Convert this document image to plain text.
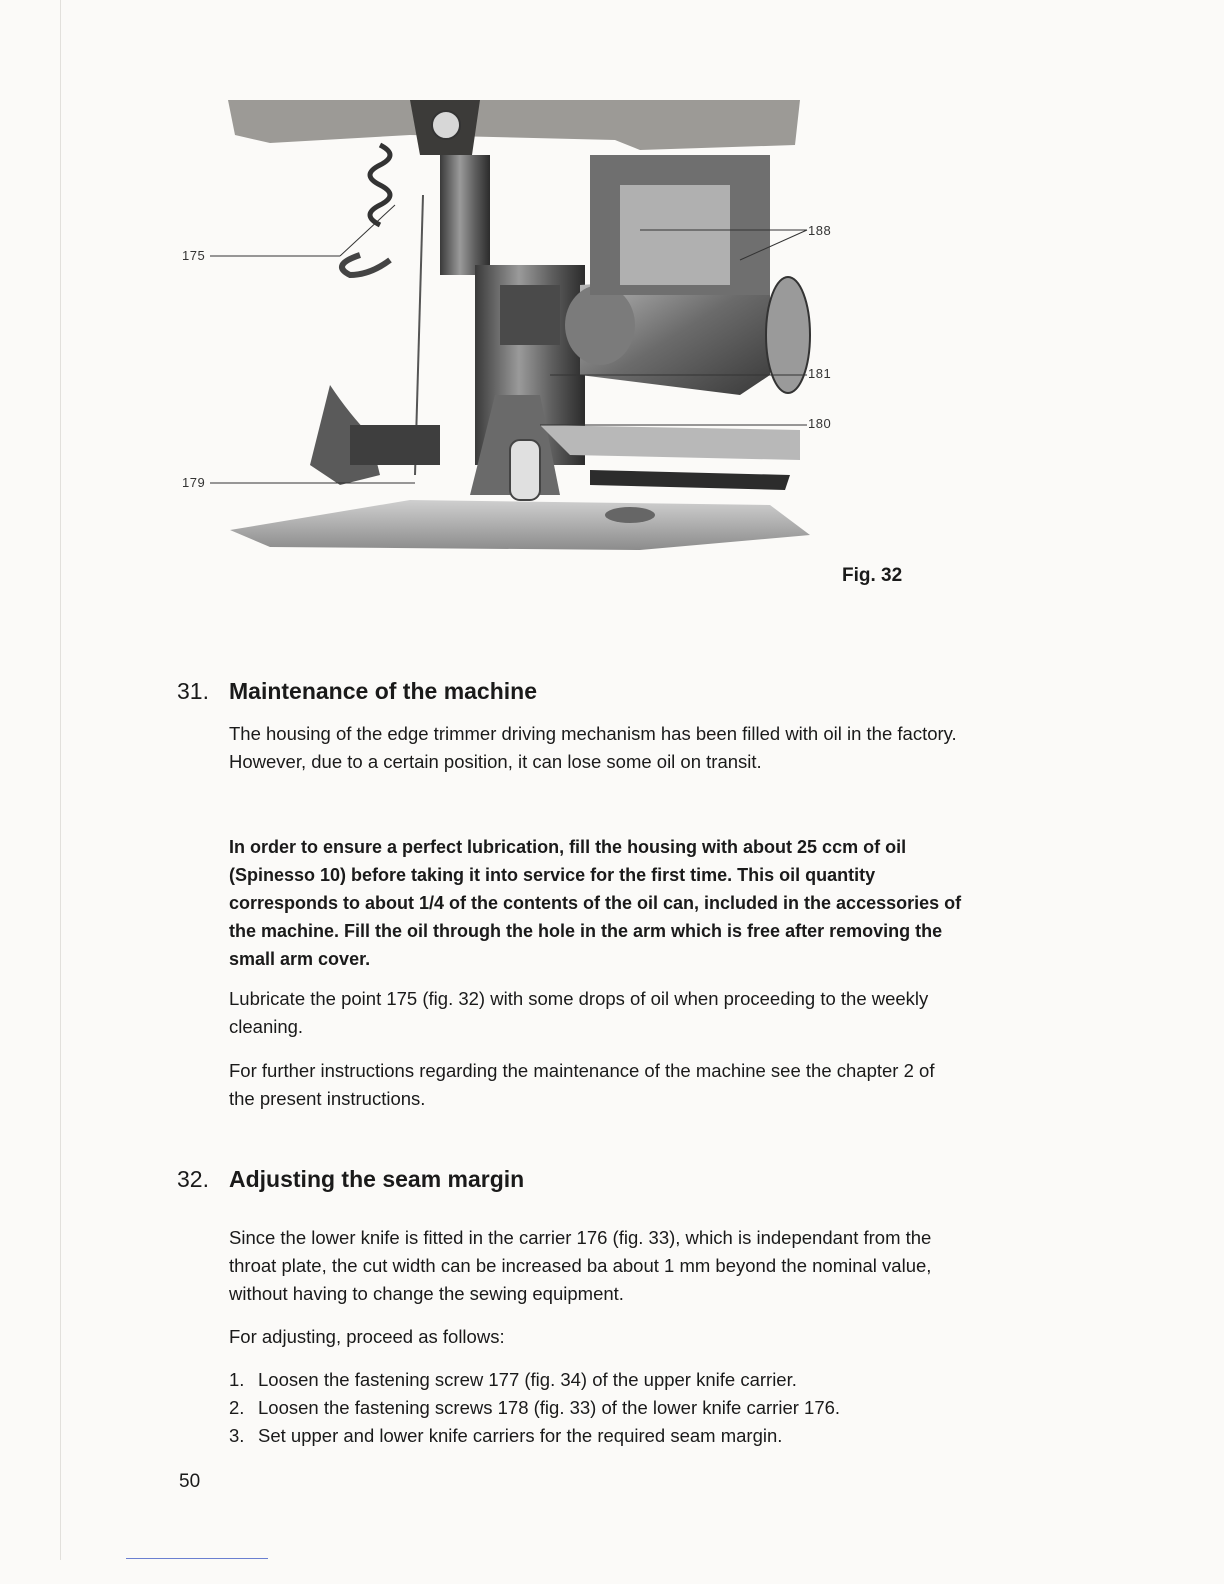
175
188
181
180
179
Fig. 32
31. Maintenance of the machine

The housing of the edge trimmer driving mechanism has been filled with oil in the factory. However, due to a certain position, it can lose some oil on transit.

In order to ensure a perfect lubrication, fill the housing with about 25 ccm of oil (Spinesso 10) before taking it into service for the first time. This oil quantity corresponds to about 1/4 of the contents of the oil can, included in the accessories of the machine. Fill the oil through the hole in the arm which is free after removing the small arm cover.

Lubricate the point 175 (fig. 32) with some drops of oil when proceeding to the weekly cleaning.

For further instructions regarding the maintenance of the machine see the chapter 2 of the present instructions.

32. Adjusting the seam margin

Since the lower knife is fitted in the carrier 176 (fig. 33), which is independant from the throat plate, the cut width can be increased ba about 1 mm beyond the nominal value, without having to change the sewing equipment.

For adjusting, proceed as follows:

1. Loosen the fastening screw 177 (fig. 34) of the upper knife carrier.
2. Loosen the fastening screws 178 (fig. 33) of the lower knife carrier 176.
3. Set upper and lower knife carriers for the required seam margin.
50
